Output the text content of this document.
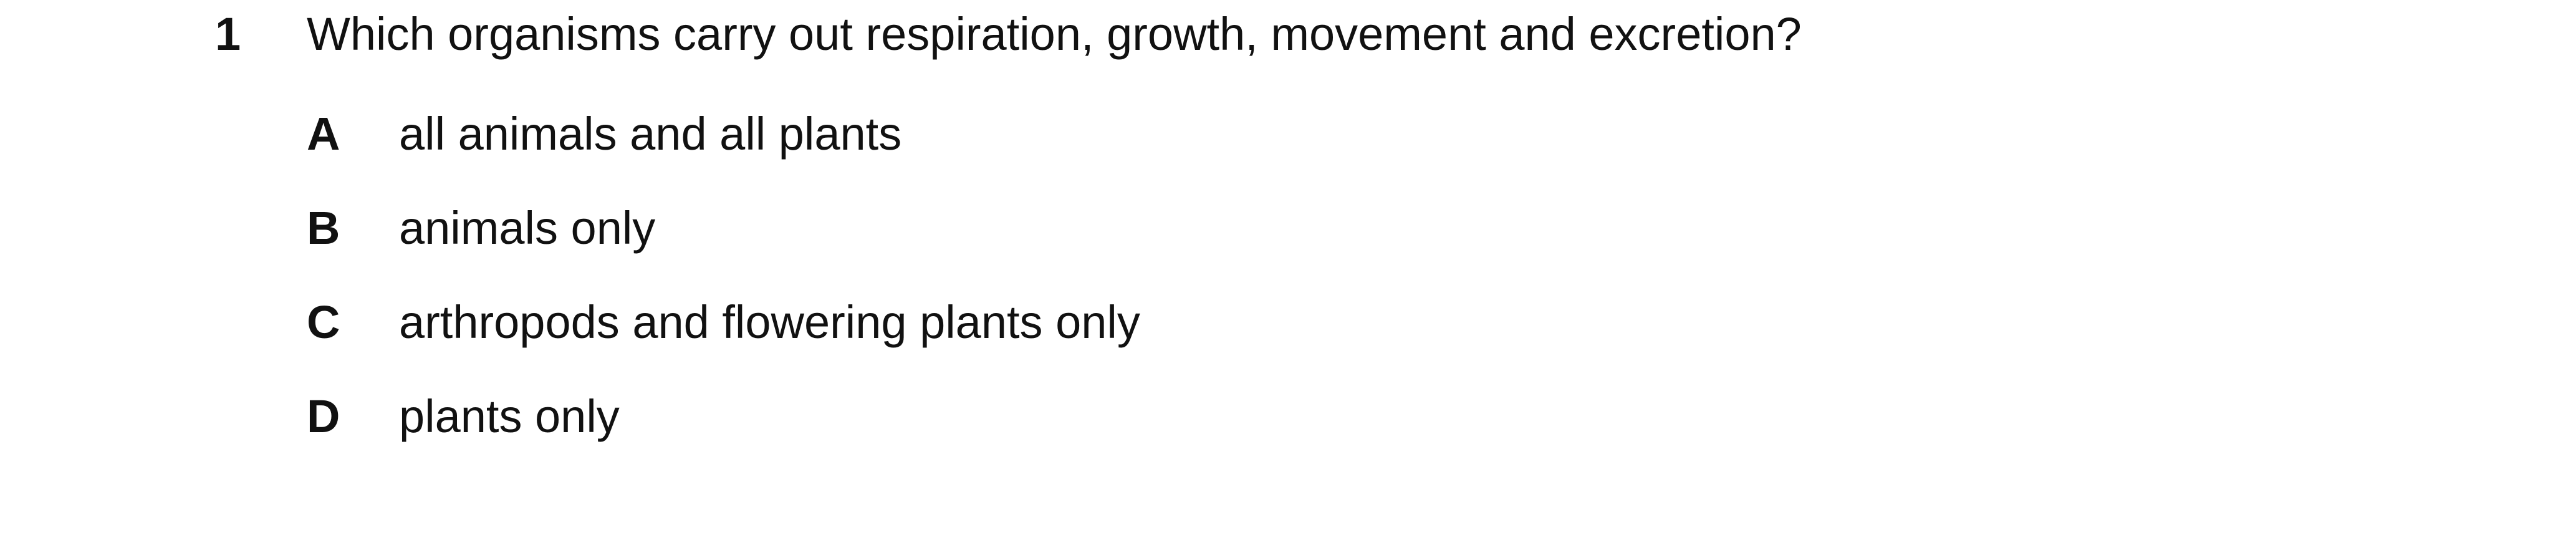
1 Which organisms carry out respiration, growth, movement and excretion?
A all animals and all plants
B animals only
C arthropods and flowering plants only
D plants only
